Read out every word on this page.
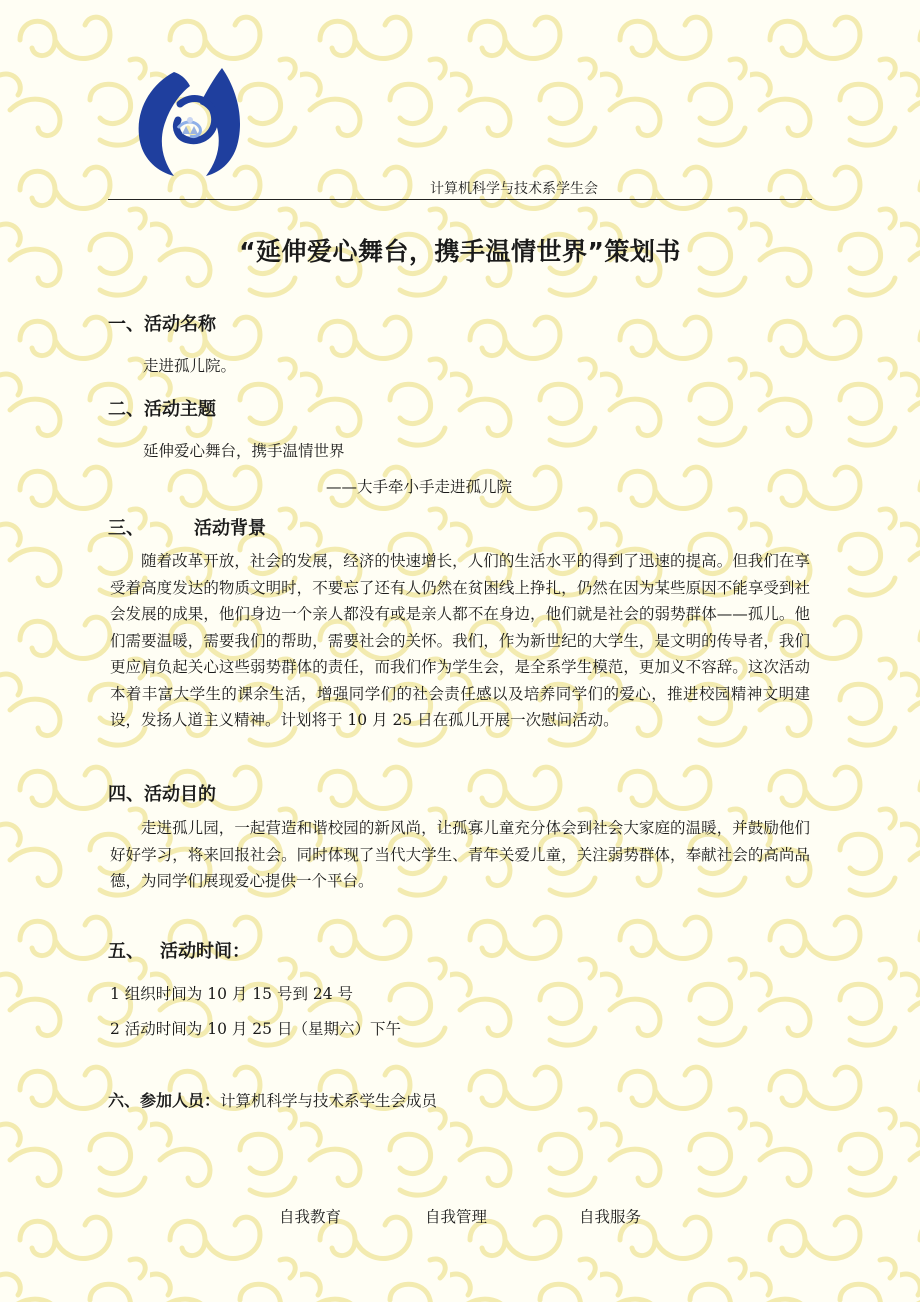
计算机科学与技术系学生会
“延伸爱心舞台，携手温情世界”策划书
一、活动名称
走进孤儿院。
二、活动主题
延伸爱心舞台，携手温情世界
——大手牵小手走进孤儿院
三、	活动背景
随着改革开放，社会的发展，经济的快速增长，人们的生活水平的得到了迅速的提高。但我们在享受着高度发达的物质文明时，不要忘了还有人仍然在贫困线上挣扎，仍然在因为某些原因不能享受到社会发展的成果，他们身边一个亲人都没有或是亲人都不在身边，他们就是社会的弱势群体——孤儿。他们需要温暖，需要我们的帮助，需要社会的关怀。我们，作为新世纪的大学生，是文明的传导者，我们更应肩负起关心这些弱势群体的责任，而我们作为学生会，是全系学生模范，更加义不容辞。这次活动本着丰富大学生的课余生活，增强同学们的社会责任感以及培养同学们的爱心，推进校园精神文明建设，发扬人道主义精神。计划将于 10 月 25 日在孤儿开展一次慰问活动。
四、活动目的
走进孤儿园，一起营造和谐校园的新风尚，让孤寡儿童充分体会到社会大家庭的温暖，并鼓励他们好好学习，将来回报社会。同时体现了当代大学生、青年关爱儿童，关注弱势群体，奉献社会的高尚品德，为同学们展现爱心提供一个平台。
五、 活动时间：
1 组织时间为 10 月 15 号到 24 号
2 活动时间为 10 月 25 日（星期六）下午
六、参加人员：计算机科学与技术系学生会成员
自我教育	自我管理	自我服务
